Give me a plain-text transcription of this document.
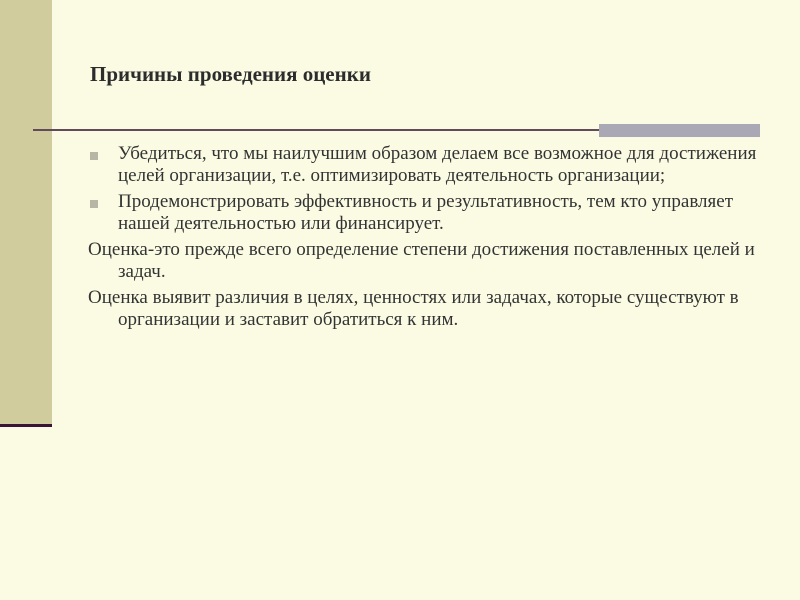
Причины проведения оценки
Убедиться, что мы наилучшим образом делаем все возможное для достижения целей организации, т.е. оптимизировать деятельность организации;
Продемонстрировать эффективность и результативность, тем кто управляет нашей деятельностью или финансирует.
Оценка-это прежде всего определение степени достижения поставленных целей и задач.
Оценка выявит различия в целях, ценностях или задачах, которые существуют в организации и заставит обратиться к ним.
